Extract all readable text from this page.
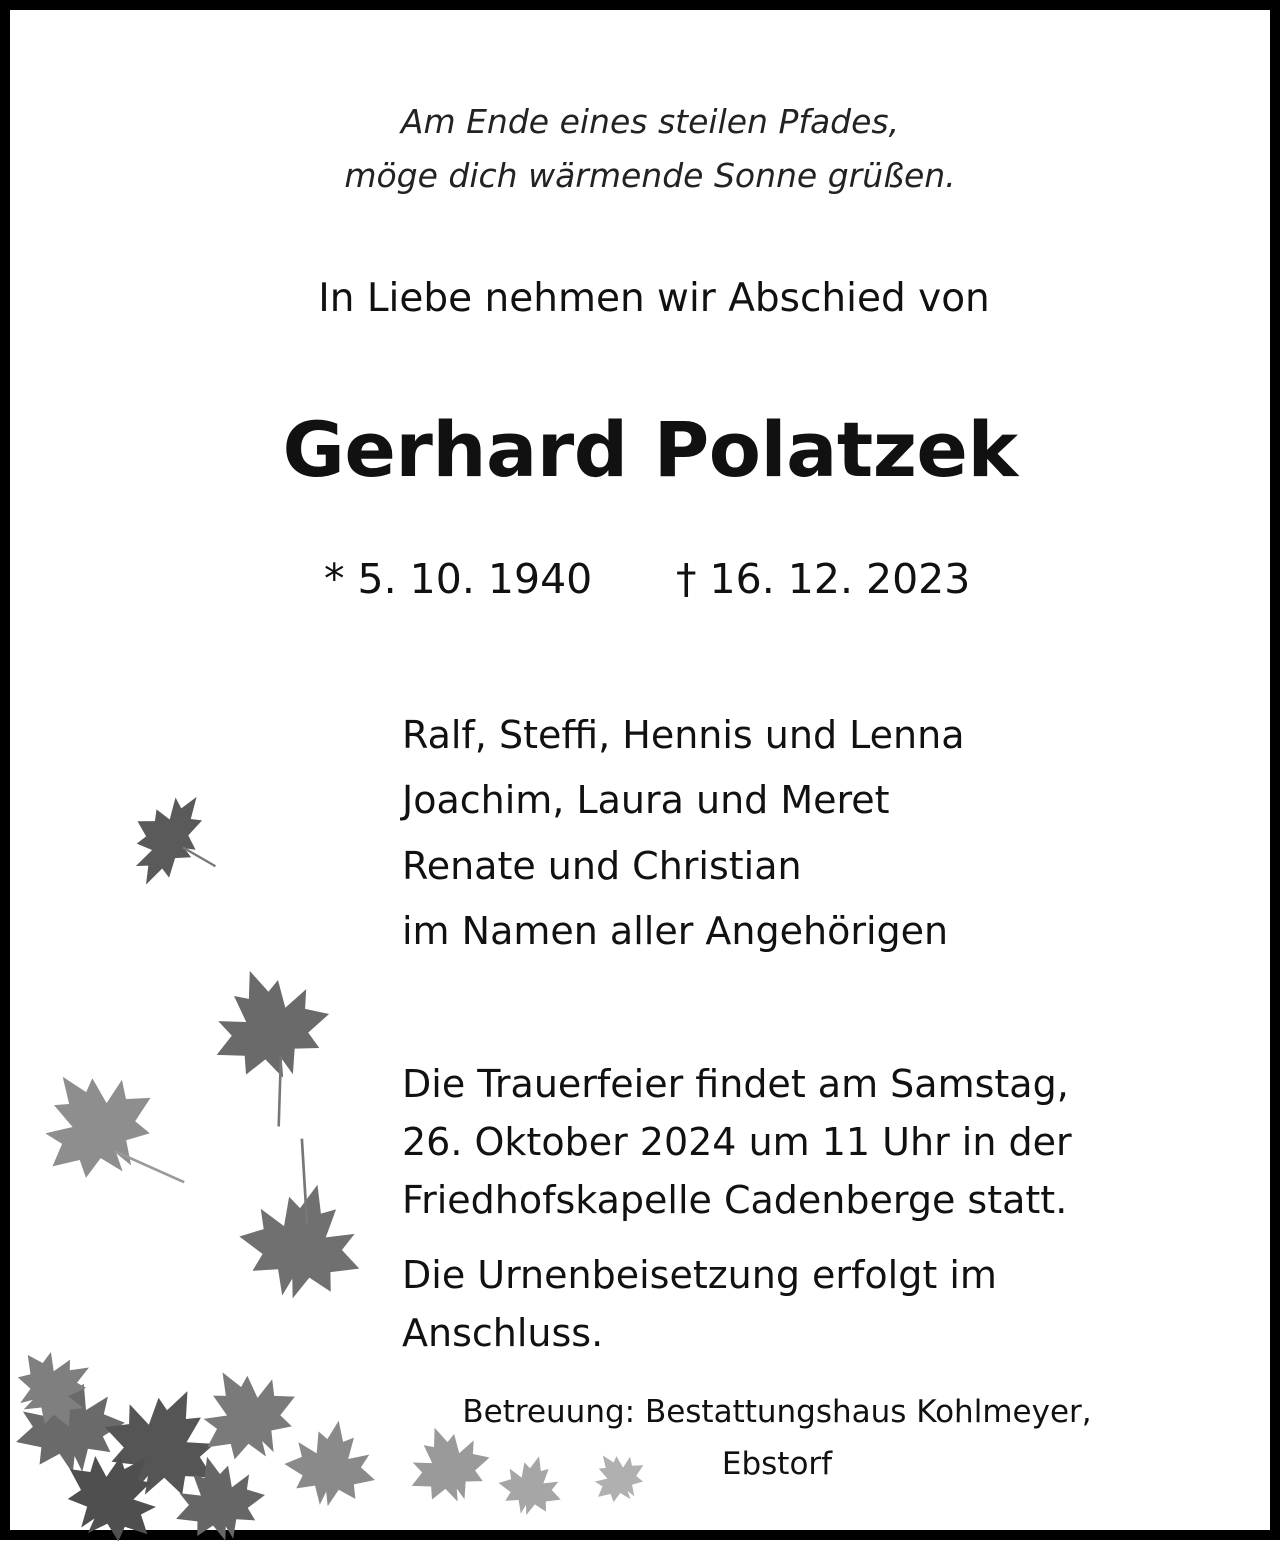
Am Ende eines steilen Pfades,
möge dich wärmende Sonne grüßen.
In Liebe nehmen wir Abschied von
Gerhard Polatzek
* 5. 10. 1940 † 16. 12. 2023
Ralf, Steffi, Hennis und Lenna
Joachim, Laura und Meret
Renate und Christian
im Namen aller Angehörigen
Die Trauerfeier findet am Samstag,
26. Oktober 2024 um 11 Uhr in der
Friedhofskapelle Cadenberge statt.
Die Urnenbeisetzung erfolgt im
Anschluss.
Betreuung: Bestattungshaus Kohlmeyer,
Ebstorf
